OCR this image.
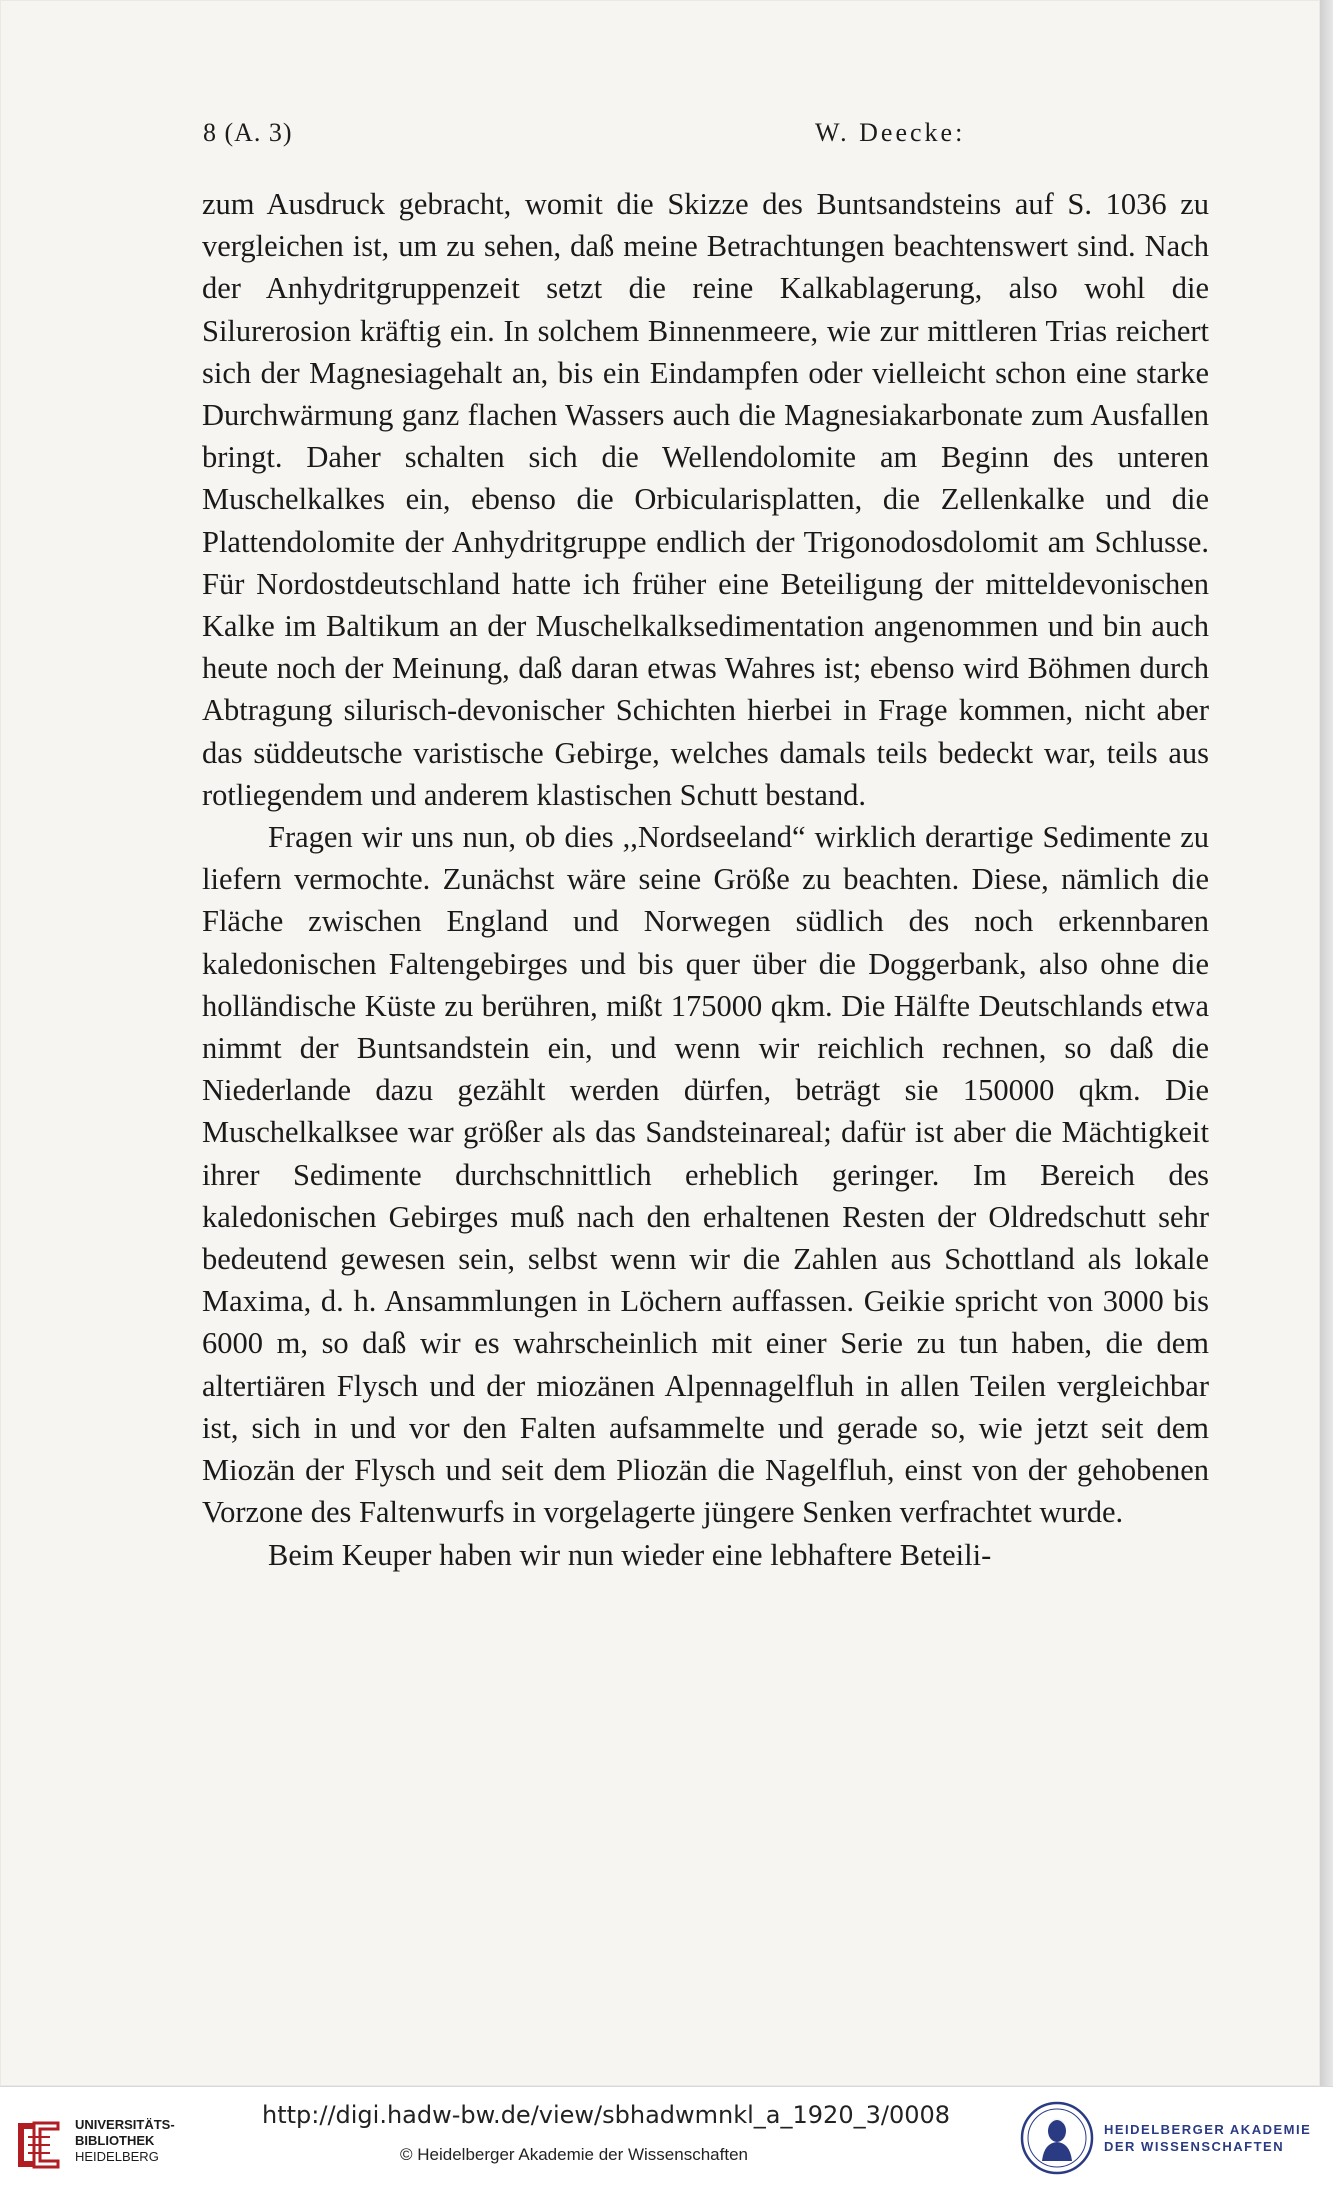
8 (A. 3)	W. Deecke:

zum Ausdruck gebracht, womit die Skizze des Buntsandsteins auf S. 1036 zu vergleichen ist, um zu sehen, daß meine Betrachtungen beachtenswert sind. Nach der Anhydritgruppenzeit setzt die reine Kalkablagerung, also wohl die Silurerosion kräftig ein. In solchem Binnenmeere, wie zur mittleren Trias reichert sich der Magnesiagehalt an, bis ein Eindampfen oder vielleicht schon eine starke Durchwärmung ganz flachen Wassers auch die Magnesiakarbonate zum Ausfallen bringt. Daher schalten sich die Wellendolomite am Beginn des unteren Muschelkalkes ein, ebenso die Orbicularisplatten, die Zellenkalke und die Plattendolomite der Anhydritgruppe endlich der Trigonodosdolomit am Schlusse. Für Nordostdeutschland hatte ich früher eine Beteiligung der mitteldevonischen Kalke im Baltikum an der Muschelkalksedimentation angenommen und bin auch heute noch der Meinung, daß daran etwas Wahres ist; ebenso wird Böhmen durch Abtragung silurisch-devonischer Schichten hierbei in Frage kommen, nicht aber das süddeutsche varistische Gebirge, welches damals teils bedeckt war, teils aus rotliegendem und anderem klastischen Schutt bestand.

Fragen wir uns nun, ob dies ,,Nordseeland“ wirklich derartige Sedimente zu liefern vermochte. Zunächst wäre seine Größe zu beachten. Diese, nämlich die Fläche zwischen England und Norwegen südlich des noch erkennbaren kaledonischen Faltengebirges und bis quer über die Doggerbank, also ohne die holländische Küste zu berühren, mißt 175000 qkm. Die Hälfte Deutschlands etwa nimmt der Buntsandstein ein, und wenn wir reichlich rechnen, so daß die Niederlande dazu gezählt werden dürfen, beträgt sie 150000 qkm. Die Muschelkalksee war größer als das Sandsteinareal; dafür ist aber die Mächtigkeit ihrer Sedimente durchschnittlich erheblich geringer. Im Bereich des kaledonischen Gebirges muß nach den erhaltenen Resten der Oldredschutt sehr bedeutend gewesen sein, selbst wenn wir die Zahlen aus Schottland als lokale Maxima, d. h. Ansammlungen in Löchern auffassen. Geikie spricht von 3000 bis 6000 m, so daß wir es wahrscheinlich mit einer Serie zu tun haben, die dem altertiären Flysch und der miozänen Alpennagelfluh in allen Teilen vergleichbar ist, sich in und vor den Falten aufsammelte und gerade so, wie jetzt seit dem Miozän der Flysch und seit dem Pliozän die Nagelfluh, einst von der gehobenen Vorzone des Faltenwurfs in vorgelagerte jüngere Senken verfrachtet wurde.

Beim Keuper haben wir nun wieder eine lebhaftere Beteili-

UNIVERSITÄTS-
BIBLIOTHEK
HEIDELBERG
http://digi.hadw-bw.de/view/sbhadwmnkl_a_1920_3/0008
© Heidelberger Akademie der Wissenschaften
HEIDELBERGER AKADEMIE
DER WISSENSCHAFTEN
